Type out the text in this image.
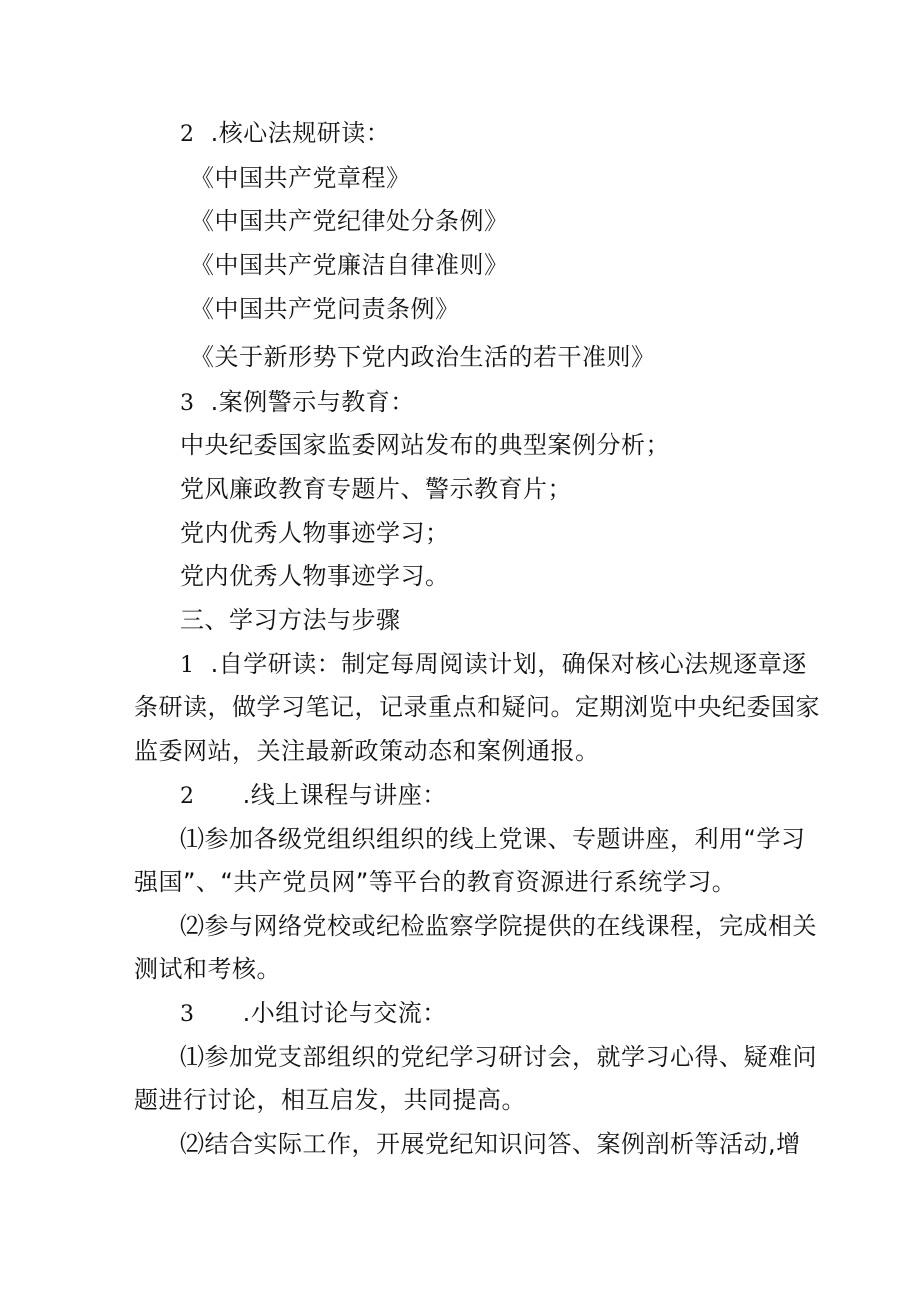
2 .核心法规研读：
《中国共产党章程》
《中国共产党纪律处分条例》
《中国共产党廉洁自律准则》
《中国共产党问责条例》
《关于新形势下党内政治生活的若干准则》
3 .案例警示与教育：
中央纪委国家监委网站发布的典型案例分析；
党风廉政教育专题片、警示教育片；
党内优秀人物事迹学习；
党内优秀人物事迹学习。
三、学习方法与步骤
1 .自学研读：制定每周阅读计划，确保对核心法规逐章逐
条研读，做学习笔记，记录重点和疑问。定期浏览中央纪委国家
监委网站，关注最新政策动态和案例通报。
2 .线上课程与讲座：
⑴参加各级党组织组织的线上党课、专题讲座，利用“学习
强国”、“共产党员网”等平台的教育资源进行系统学习。
⑵参与网络党校或纪检监察学院提供的在线课程，完成相关
测试和考核。
3 .小组讨论与交流：
⑴参加党支部组织的党纪学习研讨会，就学习心得、疑难问
题进行讨论，相互启发，共同提高。
⑵结合实际工作，开展党纪知识问答、案例剖析等活动,增
